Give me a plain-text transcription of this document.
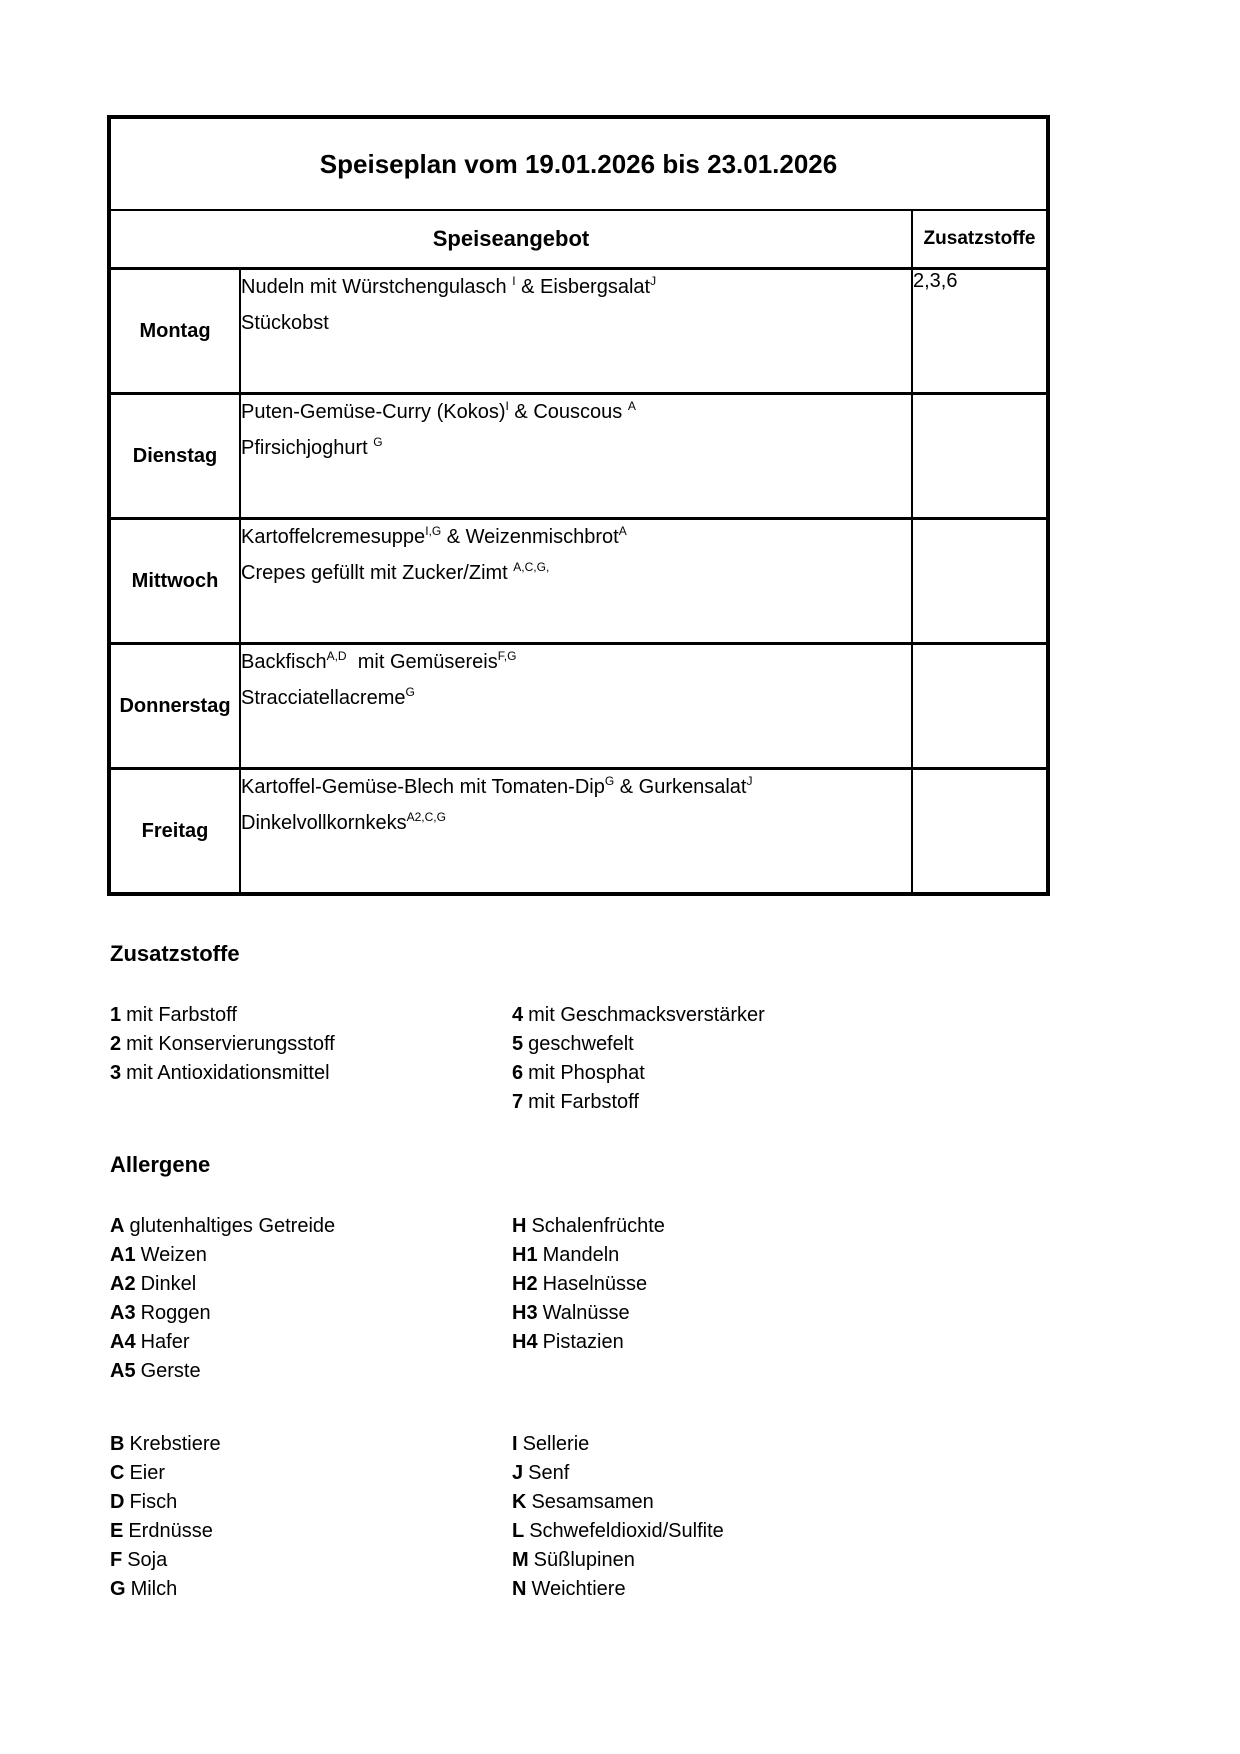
Speiseplan vom 19.01.2026 bis 23.01.2026		
Speiseangebot		Zusatzstoffe
Montag	Nudeln mit Würstchengulasch $^I$ & Eisbergsalat$^J$
Stückobst	2,3,6
Dienstag	Puten-Gemüse-Curry (Kokos)$^I$ & Couscous $^A$
Pfirsichjoghurt $^G$

Mittwoch	Kartoffelcremesuppe$^{I,G}$ & Weizenmischbrot$^A$
Crepes gefüllt mit Zucker/Zimt $^{A,C,G,}$

Donnerstag	Backfisch$^{A,D}$  mit Gemüsereis$^{F,G}$
Stracciatellacreme$^G$

Freitag	Kartoffel-Gemüse-Blech mit Tomaten-Dip$^G$ & Gurkensalat$^J$
Dinkelvollkornkeks$^{A2,C,G}$

Zusatzstoffe
1 mit Farbstoff
2 mit Konservierungsstoff
3 mit Antioxidationsmittel
4 mit Geschmacksverstärker
5 geschwefelt
6 mit Phosphat
7 mit Farbstoff
Allergene
A glutenhaltiges Getreide
A1 Weizen
A2 Dinkel
A3 Roggen
A4 Hafer
A5 Gerste
H Schalenfrüchte
H1 Mandeln
H2 Haselnüsse
H3 Walnüsse
H4 Pistazien
B Krebstiere
C Eier
D Fisch
E Erdnüsse
F Soja
G Milch
I Sellerie
J Senf
K Sesamsamen
L Schwefeldioxid/Sulfite
M Süßlupinen
N Weichtiere
